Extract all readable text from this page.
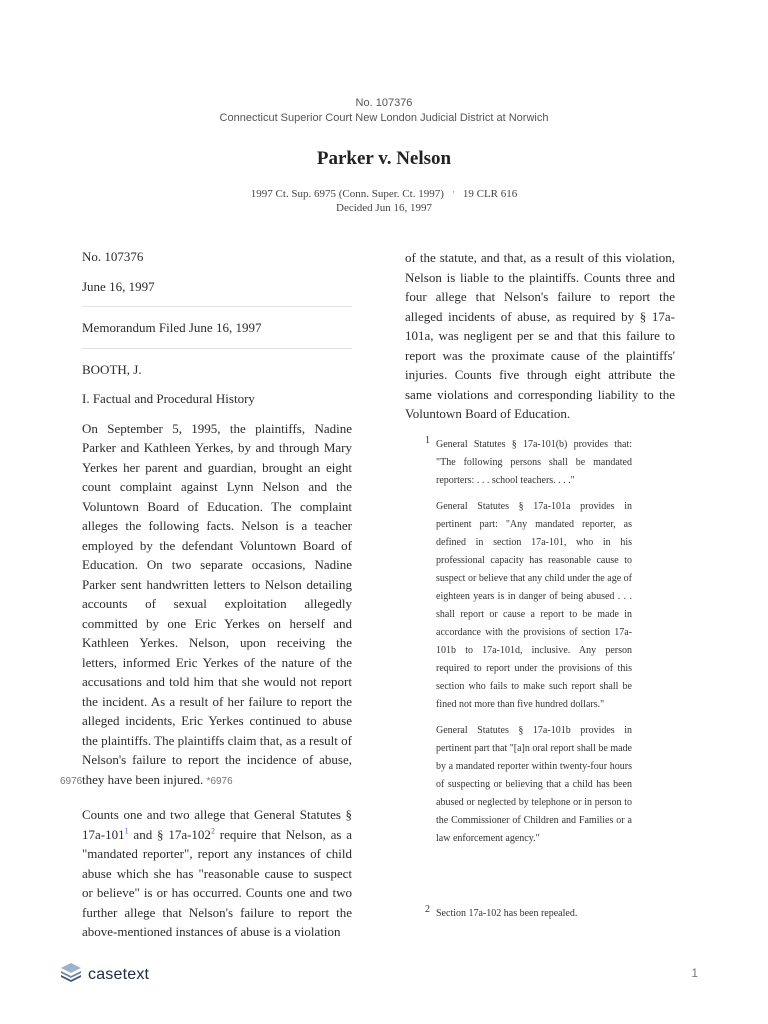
No. 107376
Connecticut Superior Court New London Judicial District at Norwich
Parker v. Nelson
1997 Ct. Sup. 6975 (Conn. Super. Ct. 1997) · 19 CLR 616
Decided Jun 16, 1997
No. 107376
June 16, 1997
Memorandum Filed June 16, 1997
BOOTH, J.
I. Factual and Procedural History

On September 5, 1995, the plaintiffs, Nadine Parker and Kathleen Yerkes, by and through Mary Yerkes her parent and guardian, brought an eight count complaint against Lynn Nelson and the Voluntown Board of Education. The complaint alleges the following facts. Nelson is a teacher employed by the defendant Voluntown Board of Education. On two separate occasions, Nadine Parker sent handwritten letters to Nelson detailing accounts of sexual exploitation allegedly committed by one Eric Yerkes on herself and Kathleen Yerkes. Nelson, upon receiving the letters, informed Eric Yerkes of the nature of the accusations and told him that she would not report the incident. As a result of her failure to report the alleged incidents, Eric Yerkes continued to abuse the plaintiffs. The plaintiffs claim that, as a result of Nelson's failure to report the incidence of abuse, they have been injured. *6976
6976

Counts one and two allege that General Statutes § $17a-101^1$ and § $17a-102^2$ require that Nelson, as a "mandated reporter", report any instances of child abuse which she has "reasonable cause to suspect or believe" is or has occurred. Counts one and two further allege that Nelson's failure to report the above-mentioned instances of abuse is a violation

of the statute, and that, as a result of this violation, Nelson is liable to the plaintiffs. Counts three and four allege that Nelson's failure to report the alleged incidents of abuse, as required by § 17a-101a, was negligent per se and that this failure to report was the proximate cause of the plaintiffs' injuries. Counts five through eight attribute the same violations and corresponding liability to the Voluntown Board of Education.

1 General Statutes § 17a-101(b) provides that: "The following persons shall be mandated reporters: . . . school teachers. . . ."

General Statutes § 17a-101a provides in pertinent part: "Any mandated reporter, as defined in section 17a-101, who in his professional capacity has reasonable cause to suspect or believe that any child under the age of eighteen years is in danger of being abused . . . shall report or cause a report to be made in accordance with the provisions of section 17a-101b to 17a-101d, inclusive. Any person required to report under the provisions of this section who fails to make such report shall be fined not more than five hundred dollars."

General Statutes § 17a-101b provides in pertinent part that "[a]n oral report shall be made by a mandated reporter within twenty-four hours of suspecting or believing that a child has been abused or neglected by telephone or in person to the Commissioner of Children and Families or a law enforcement agency."

2 Section 17a-102 has been repealed.

casetext	1
